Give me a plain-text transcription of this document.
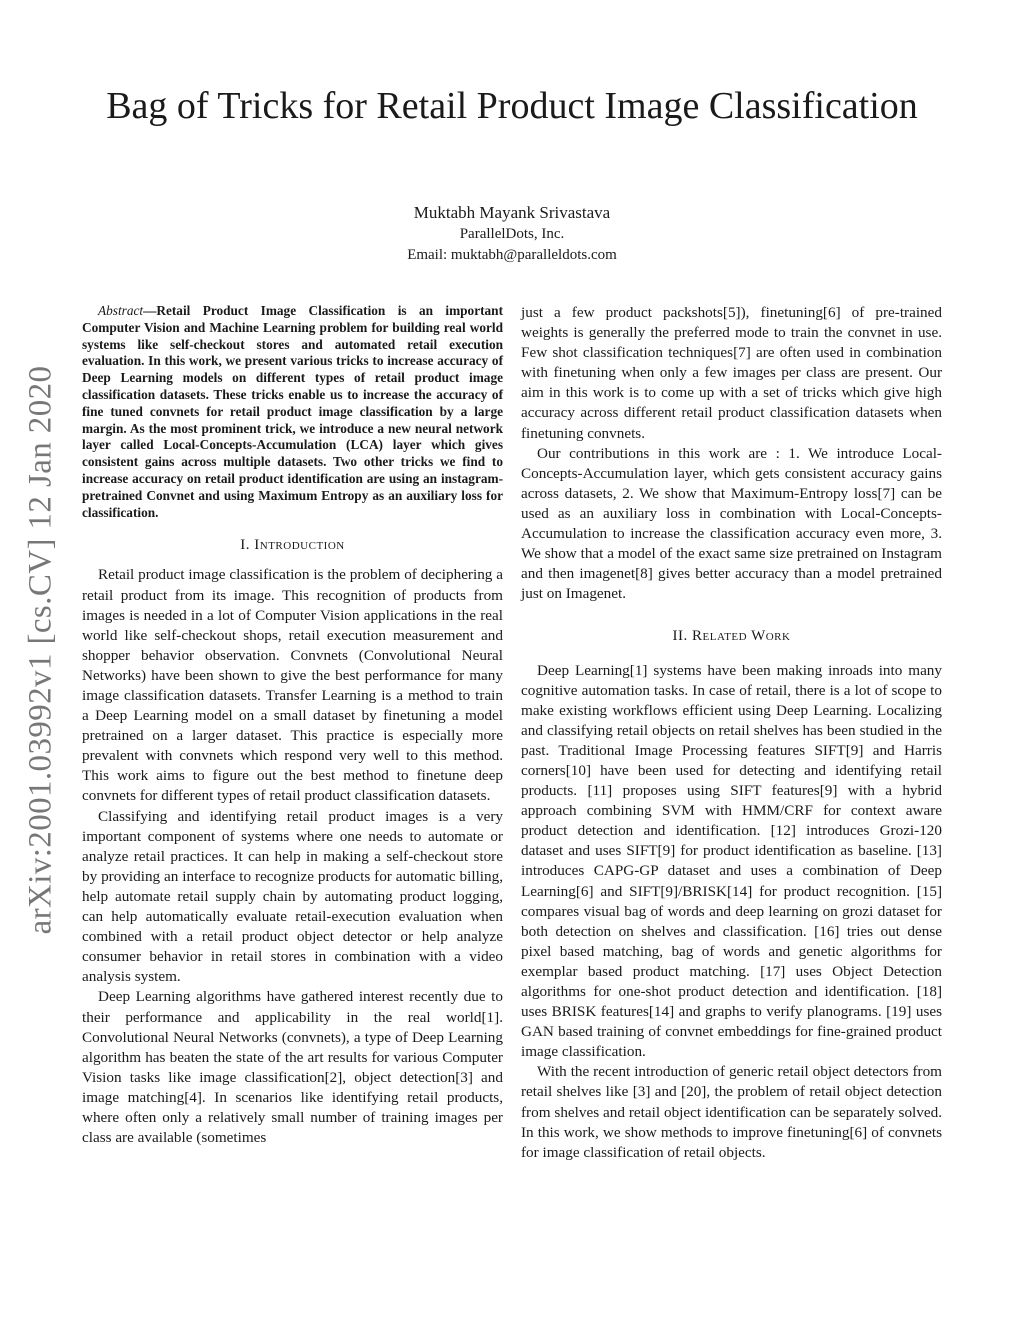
arXiv:2001.03992v1 [cs.CV] 12 Jan 2020
Bag of Tricks for Retail Product Image Classification
Muktabh Mayank Srivastava
ParallelDots, Inc.
Email: muktabh@paralleldots.com

Abstract—Retail Product Image Classification is an important Computer Vision and Machine Learning problem for building real world systems like self-checkout stores and automated retail execution evaluation. In this work, we present various tricks to increase accuracy of Deep Learning models on different types of retail product image classification datasets. These tricks enable us to increase the accuracy of fine tuned convnets for retail product image classification by a large margin. As the most prominent trick, we introduce a new neural network layer called Local-Concepts-Accumulation (LCA) layer which gives consistent gains across multiple datasets. Two other tricks we find to increase accuracy on retail product identification are using an instagram-pretrained Convnet and using Maximum Entropy as an auxiliary loss for classification.

I. Introduction

Retail product image classification is the problem of deciphering a retail product from its image. This recognition of products from images is needed in a lot of Computer Vision applications in the real world like self-checkout shops, retail execution measurement and shopper behavior observation. Convnets (Convolutional Neural Networks) have been shown to give the best performance for many image classification datasets. Transfer Learning is a method to train a Deep Learning model on a small dataset by finetuning a model pretrained on a larger dataset. This practice is especially more prevalent with convnets which respond very well to this method. This work aims to figure out the best method to finetune deep convnets for different types of retail product classification datasets.

Classifying and identifying retail product images is a very important component of systems where one needs to automate or analyze retail practices. It can help in making a self-checkout store by providing an interface to recognize products for automatic billing, help automate retail supply chain by automating product logging, can help automatically evaluate retail-execution evaluation when combined with a retail product object detector or help analyze consumer behavior in retail stores in combination with a video analysis system.

Deep Learning algorithms have gathered interest recently due to their performance and applicability in the real world[1]. Convolutional Neural Networks (convnets), a type of Deep Learning algorithm has beaten the state of the art results for various Computer Vision tasks like image classification[2], object detection[3] and image matching[4]. In scenarios like identifying retail products, where often only a relatively small number of training images per class are available (sometimes

just a few product packshots[5]), finetuning[6] of pre-trained weights is generally the preferred mode to train the convnet in use. Few shot classification techniques[7] are often used in combination with finetuning when only a few images per class are present. Our aim in this work is to come up with a set of tricks which give high accuracy across different retail product classification datasets when finetuning convnets.

Our contributions in this work are : 1. We introduce Local-Concepts-Accumulation layer, which gets consistent accuracy gains across datasets, 2. We show that Maximum-Entropy loss[7] can be used as an auxiliary loss in combination with Local-Concepts-Accumulation to increase the classification accuracy even more, 3. We show that a model of the exact same size pretrained on Instagram and then imagenet[8] gives better accuracy than a model pretrained just on Imagenet.

II. Related Work

Deep Learning[1] systems have been making inroads into many cognitive automation tasks. In case of retail, there is a lot of scope to make existing workflows efficient using Deep Learning. Localizing and classifying retail objects on retail shelves has been studied in the past. Traditional Image Processing features SIFT[9] and Harris corners[10] have been used for detecting and identifying retail products. [11] proposes using SIFT features[9] with a hybrid approach combining SVM with HMM/CRF for context aware product detection and identification. [12] introduces Grozi-120 dataset and uses SIFT[9] for product identification as baseline. [13] introduces CAPG-GP dataset and uses a combination of Deep Learning[6] and SIFT[9]/BRISK[14] for product recognition. [15] compares visual bag of words and deep learning on grozi dataset for both detection on shelves and classification. [16] tries out dense pixel based matching, bag of words and genetic algorithms for exemplar based product matching. [17] uses Object Detection algorithms for one-shot product detection and identification. [18] uses BRISK features[14] and graphs to verify planograms. [19] uses GAN based training of convnet embeddings for fine-grained product image classification.

With the recent introduction of generic retail object detectors from retail shelves like [3] and [20], the problem of retail object detection from shelves and retail object identification can be separately solved. In this work, we show methods to improve finetuning[6] of convnets for image classification of retail objects.
